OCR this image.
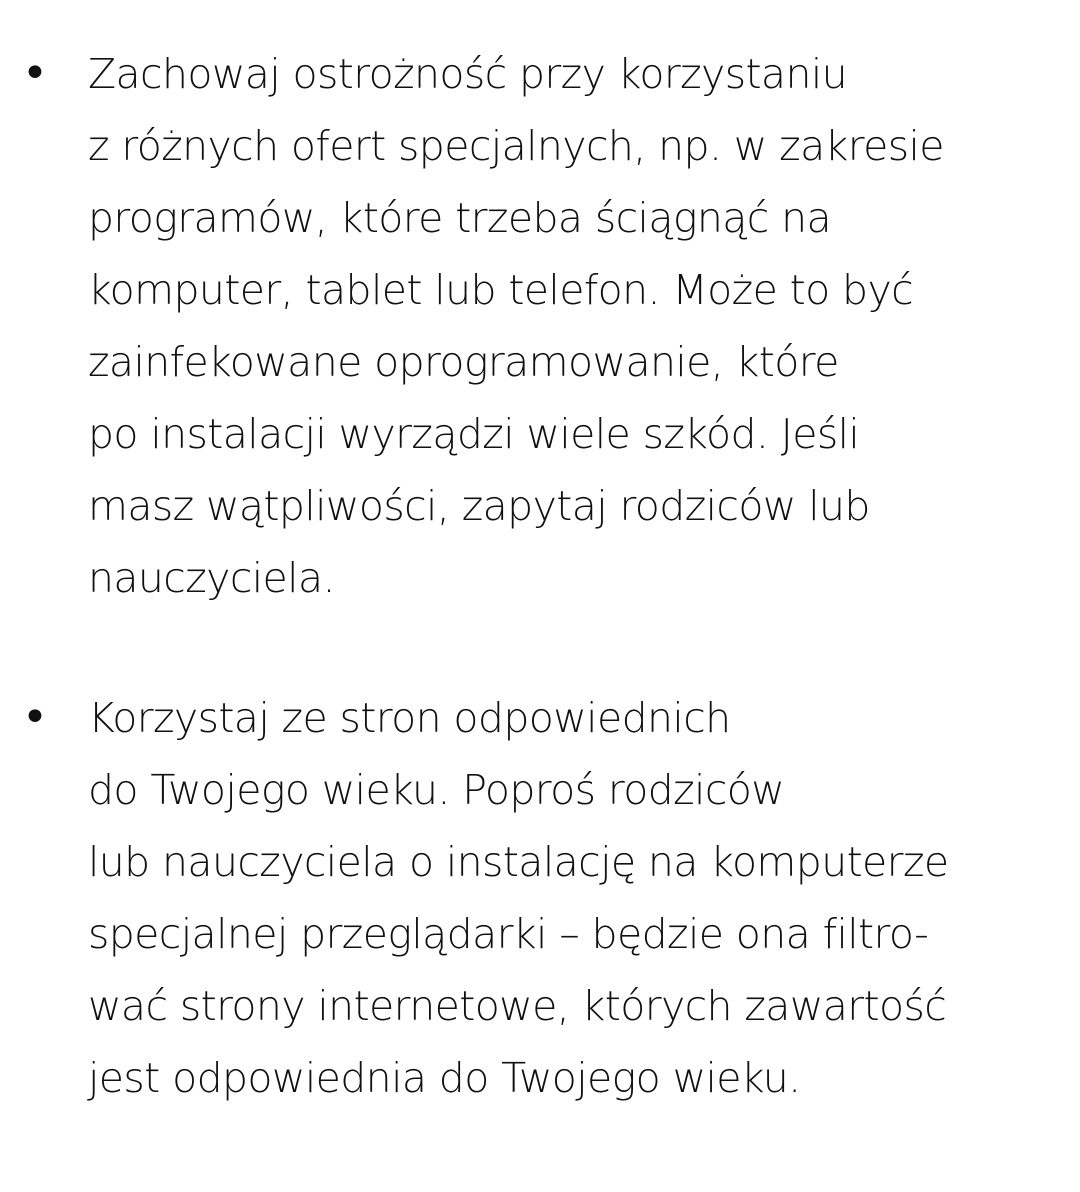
• Zachowaj ostrożność przy korzystaniu
z różnych ofert specjalnych, np. w zakresie
programów, które trzeba ściągnąć na
komputer, tablet lub telefon. Może to być
zainfekowane oprogramowanie, które
po instalacji wyrządzi wiele szkód. Jeśli
masz wątpliwości, zapytaj rodziców lub
nauczyciela.
• Korzystaj ze stron odpowiednich
do Twojego wieku. Poproś rodziców
lub nauczyciela o instalację na komputerze
specjalnej przeglądarki – będzie ona filtro-
wać strony internetowe, których zawartość
jest odpowiednia do Twojego wieku.
